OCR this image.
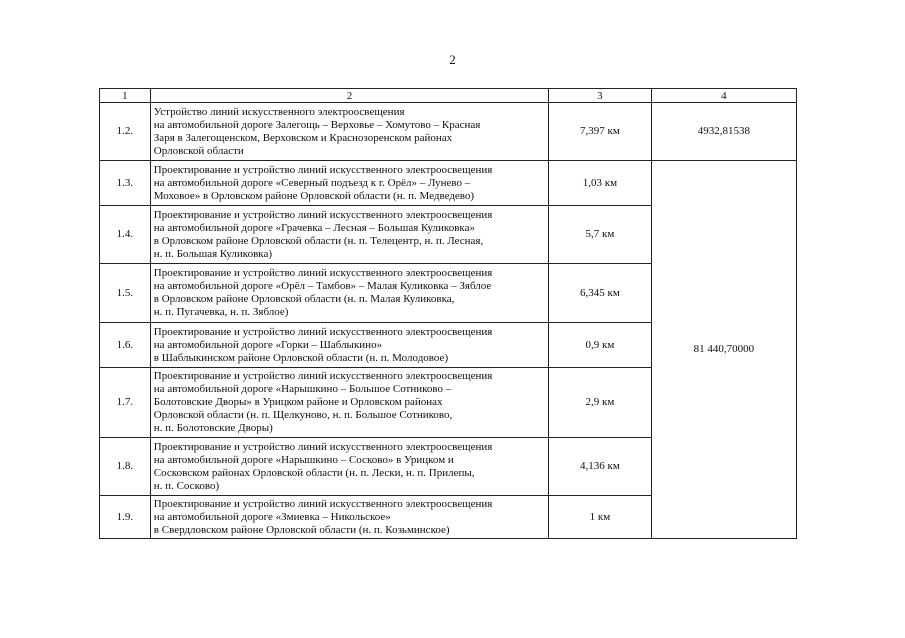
2
1	2	3	4
1.2.	Устройство линий искусственного электроосвещения
на автомобильной дороге Залегощь – Верховье – Хомутово – Красная
Заря в Залегощенском, Верховском и Краснозоренском районах
Орловской области	7,397 км	4932,81538
1.3.	Проектирование и устройство линий искусственного электроосвещения
на автомобильной дороге «Северный подъезд к г. Орёл» – Лунево –
Моховое» в Орловском районе Орловской области (н. п. Медведево)	1,03 км	81 440,70000
1.4.	Проектирование и устройство линий искусственного электроосвещения
на автомобильной дороге «Грачевка – Лесная – Большая Куликовка»
в Орловском районе Орловской области (н. п. Телецентр, н. п. Лесная,
н. п. Большая Куликовка)	5,7 км	
1.5.	Проектирование и устройство линий искусственного электроосвещения
на автомобильной дороге «Орёл – Тамбов» – Малая Куликовка – Зяблое
в Орловском районе Орловской области (н. п. Малая Куликовка,
н. п. Пугачевка, н. п. Зяблое)	6,345 км	
1.6.	Проектирование и устройство линий искусственного электроосвещения
на автомобильной дороге «Горки – Шаблыкино»
в Шаблыкинском районе Орловской области (н. п. Молодовое)	0,9 км	
1.7.	Проектирование и устройство линий искусственного электроосвещения
на автомобильной дороге «Нарышкино – Большое Сотниково –
Болотовские Дворы» в Урицком районе и Орловском районах
Орловской области (н. п. Щелкуново, н. п. Большое Сотниково,
н. п. Болотовские Дворы)	2,9 км	
1.8.	Проектирование и устройство линий искусственного электроосвещения
на автомобильной дороге «Нарышкино – Сосково» в Урицком и
Сосковском районах Орловской области (н. п. Лески, н. п. Прилепы,
н. п. Сосково)	4,136 км	
1.9.	Проектирование и устройство линий искусственного электроосвещения
на автомобильной дороге «Змиевка – Никольское»
в Свердловском районе Орловской области (н. п. Козьминское)	1 км	
